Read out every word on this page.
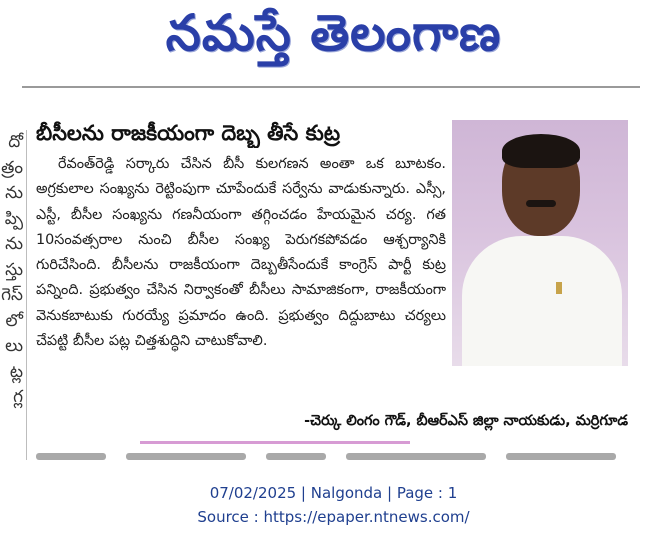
నమస్తే తెలంగాణ
దో
త్రం
ను
ప్పి
ను
స్తు
గెస్
లో
లు
ట్ల
గ్ల
బీసీలను రాజకీయంగా దెబ్బ తీసే కుట్ర

రేవంత్‌రెడ్డి సర్కారు చేసిన బీసీ కులగణన అంతా ఒక బూటకం. అగ్రకులాల సంఖ్యను రెట్టింపుగా చూపేందుకే సర్వేను వాడుకున్నారు. ఎస్సీ, ఎస్టీ, బీసీల సంఖ్యను గణనీయంగా తగ్గించడం హేయమైన చర్య. గత 10సంవత్సరాల నుంచి బీసీల సంఖ్య పెరుగకపోవడం ఆశ్చర్యానికి గురిచేసింది. బీసీలను రాజకీయంగా దెబ్బతీసేందుకే కాంగ్రెస్ పార్టీ కుట్ర పన్నింది. ప్రభుత్వం చేసిన నిర్వాకంతో బీసీలు సామాజికంగా, రాజకీయంగా వెనుకబాటుకు గురయ్యే ప్రమాదం ఉంది. ప్రభుత్వం దిద్దుబాటు చర్యలు చేపట్టి బీసీల పట్ల చిత్తశుద్ధిని చాటుకోవాలి.

-చెర్కు లింగం గౌడ్, బీఆర్‌ఎస్ జిల్లా నాయకుడు, మర్రిగూడ
07/02/2025 | Nalgonda | Page : 1
Source : https://epaper.ntnews.com/
